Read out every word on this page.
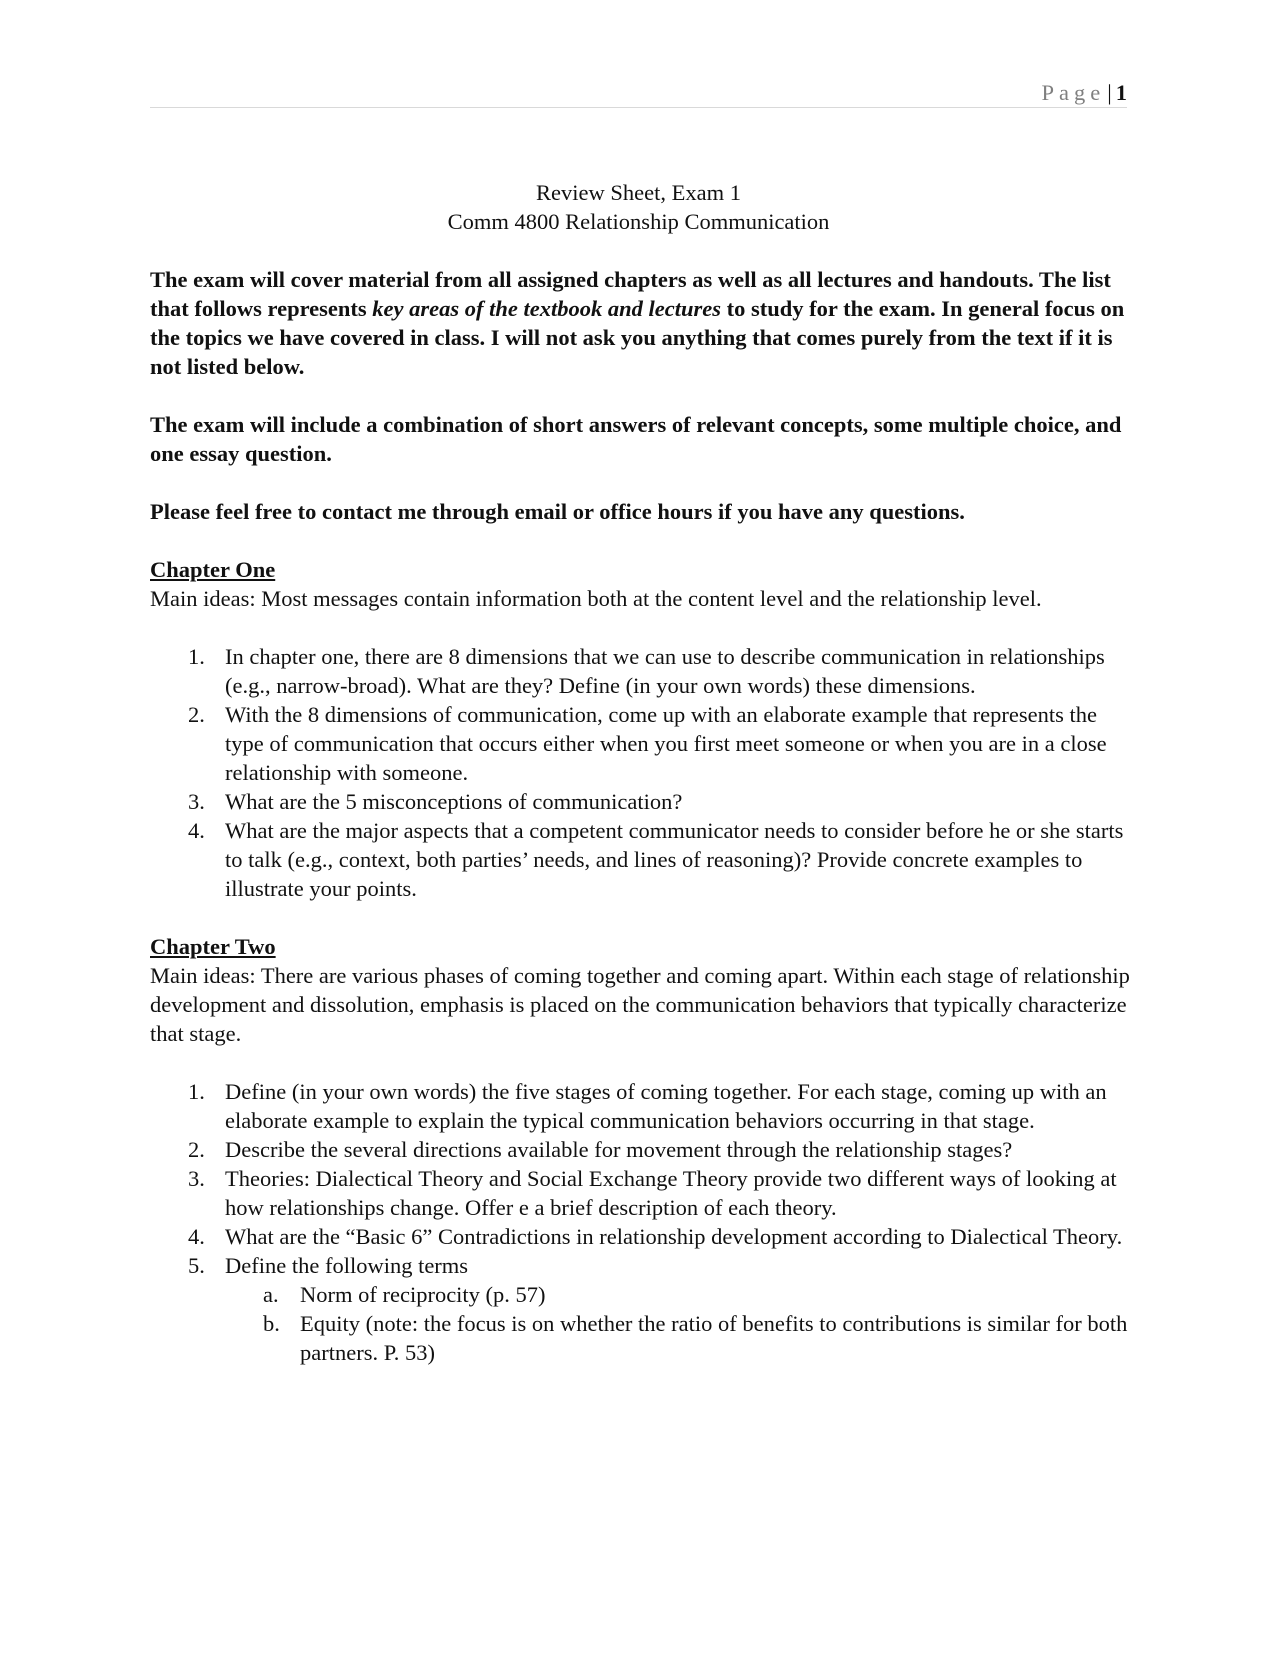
Page| 1
Review Sheet, Exam 1
Comm 4800 Relationship Communication

The exam will cover material from all assigned chapters as well as all lectures and handouts. The list that follows represents key areas of the textbook and lectures to study for the exam. In general focus on the topics we have covered in class. I will not ask you anything that comes purely from the text if it is not listed below.

The exam will include a combination of short answers of relevant concepts, some multiple choice, and one essay question.

Please feel free to contact me through email or office hours if you have any questions.

Chapter One

Main ideas: Most messages contain information both at the content level and the relationship level.

1. In chapter one, there are 8 dimensions that we can use to describe communication in relationships (e.g., narrow-broad). What are they? Define (in your own words) these dimensions.
2. With the 8 dimensions of communication, come up with an elaborate example that represents the type of communication that occurs either when you first meet someone or when you are in a close relationship with someone.
3. What are the 5 misconceptions of communication?
4. What are the major aspects that a competent communicator needs to consider before he or she starts to talk (e.g., context, both parties’ needs, and lines of reasoning)? Provide concrete examples to illustrate your points.

Chapter Two

Main ideas: There are various phases of coming together and coming apart. Within each stage of relationship development and dissolution, emphasis is placed on the communication behaviors that typically characterize that stage.

1. Define (in your own words) the five stages of coming together. For each stage, coming up with an elaborate example to explain the typical communication behaviors occurring in that stage.
2. Describe the several directions available for movement through the relationship stages?
3. Theories: Dialectical Theory and Social Exchange Theory provide two different ways of looking at how relationships change. Offer e a brief description of each theory.
4. What are the “Basic 6” Contradictions in relationship development according to Dialectical Theory.
5. Define the following terms
a. Norm of reciprocity (p. 57)
b. Equity (note: the focus is on whether the ratio of benefits to contributions is similar for both partners. P. 53)
